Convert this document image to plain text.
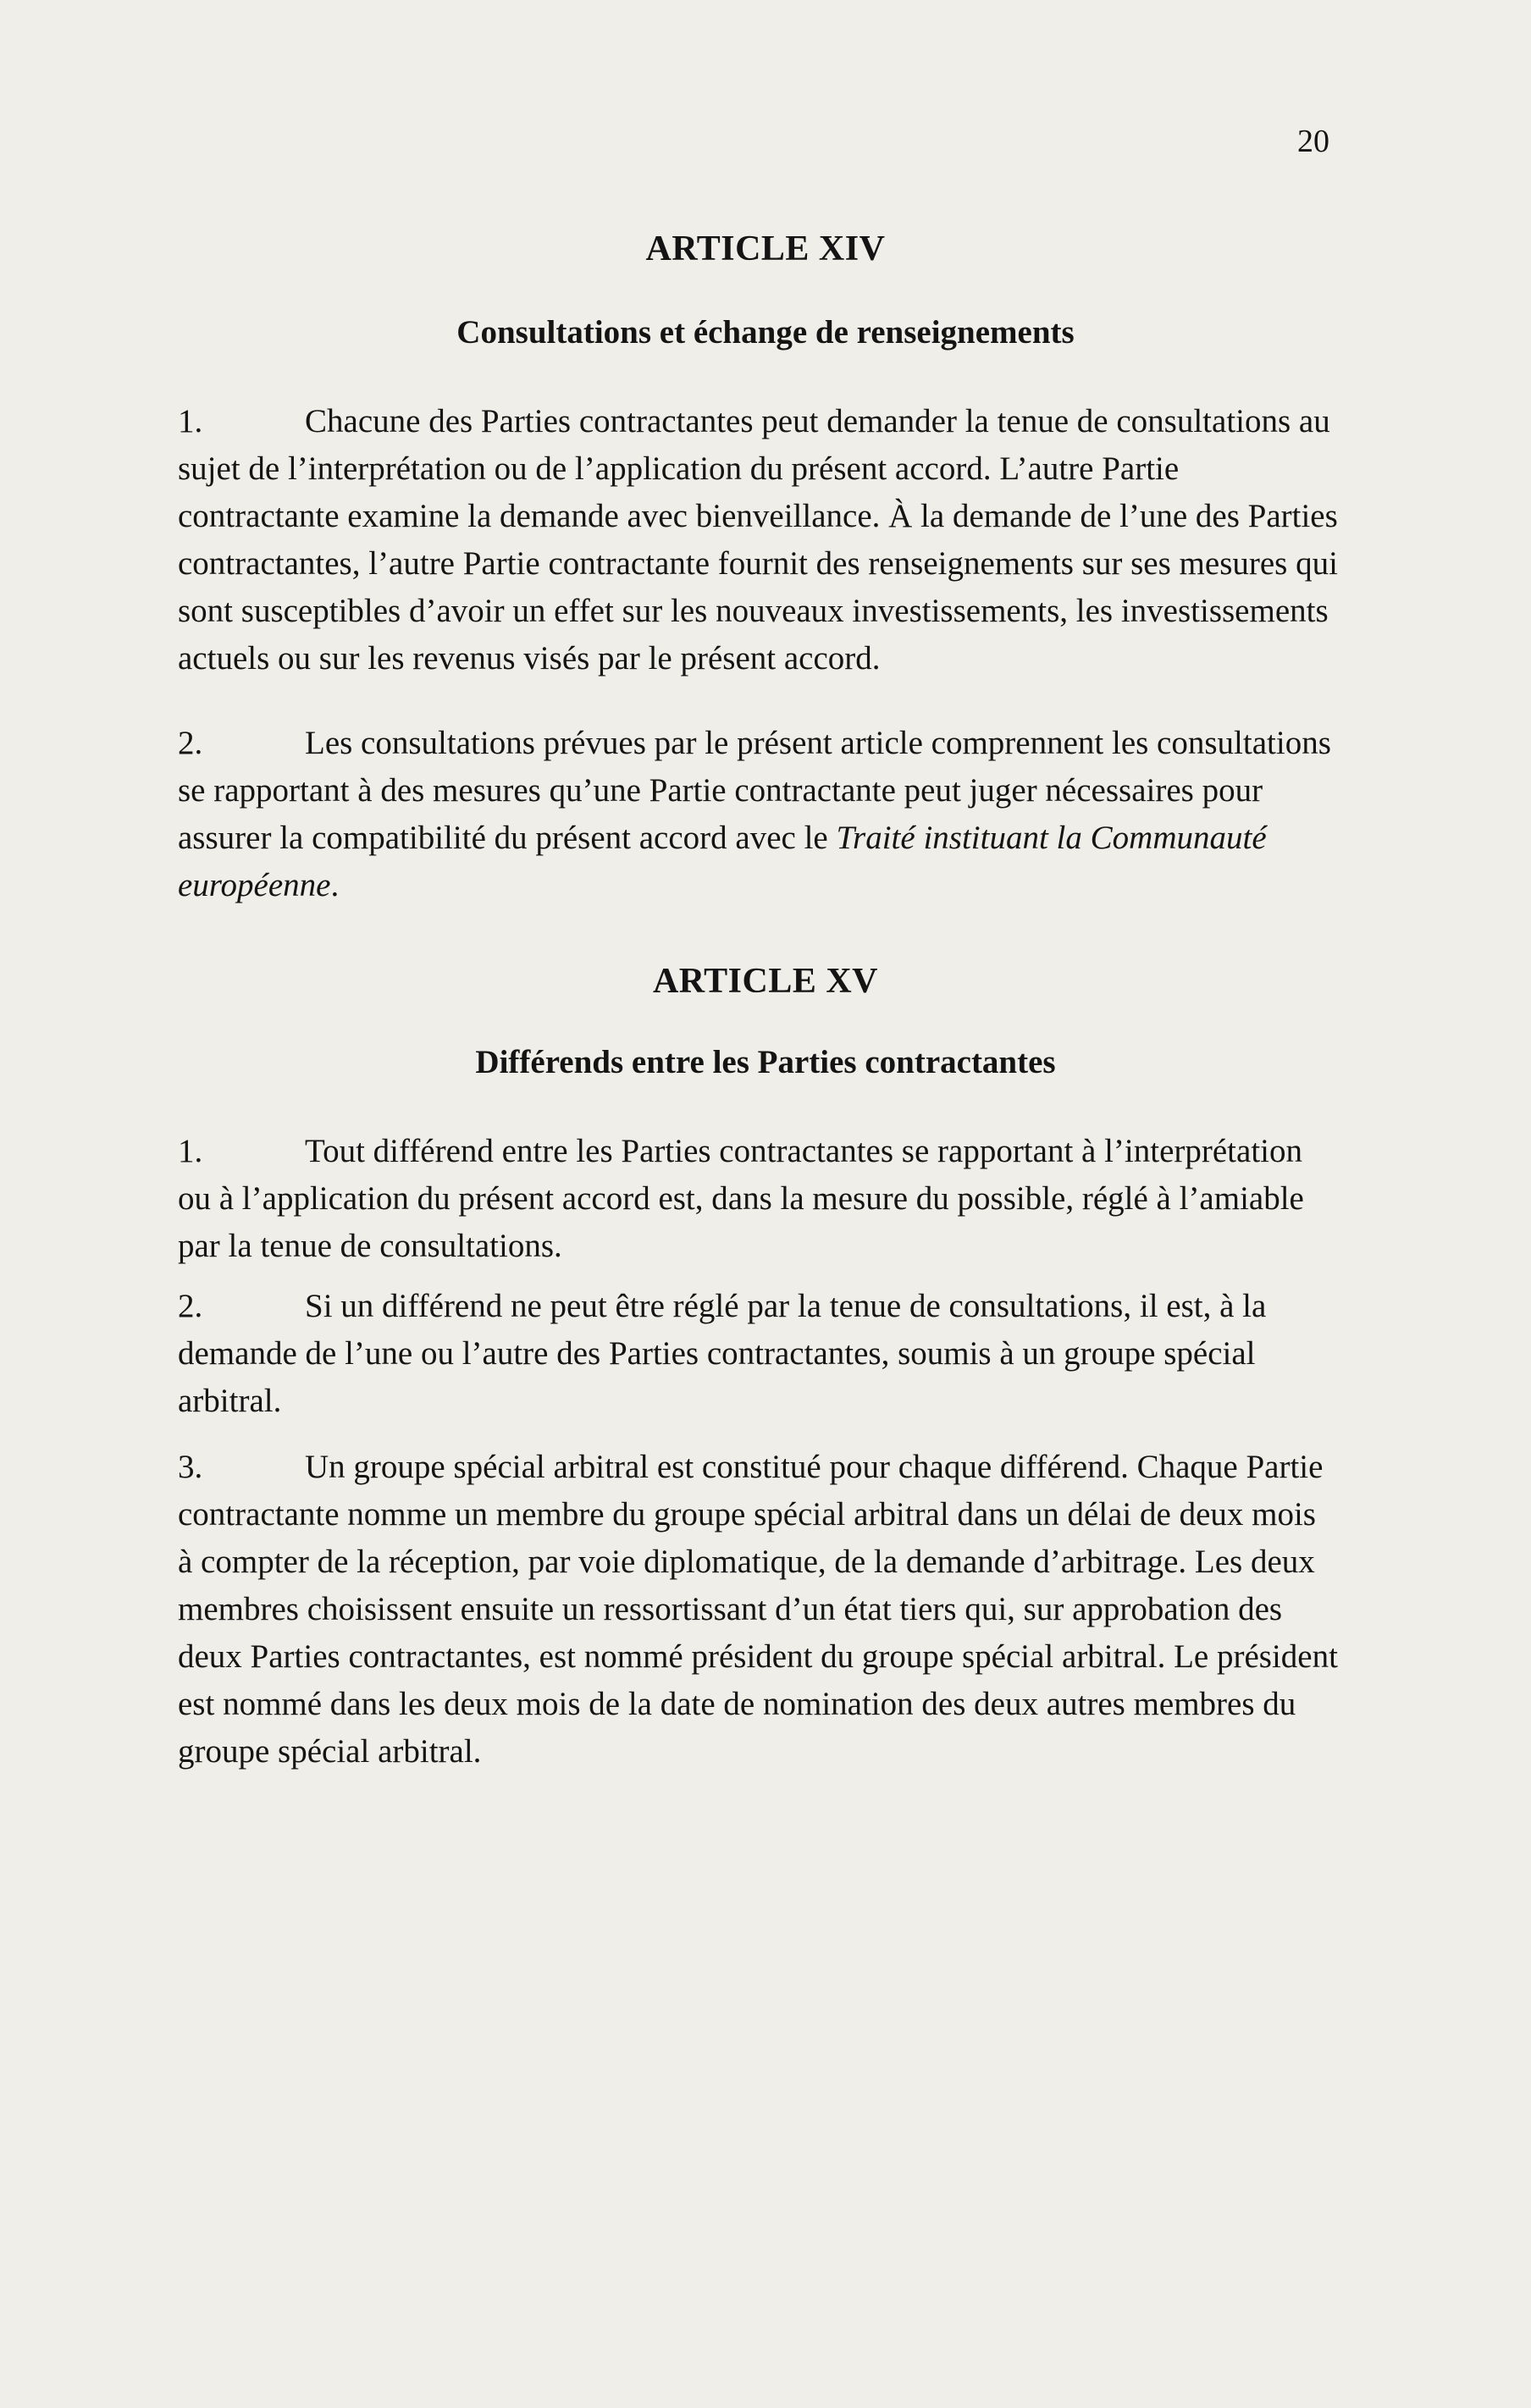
20
ARTICLE XIV
Consultations et échange de renseignements

1.	Chacune des Parties contractantes peut demander la tenue de consultations au sujet de l’interprétation ou de l’application du présent accord. L’autre Partie contractante examine la demande avec bienveillance. À la demande de l’une des Parties contractantes, l’autre Partie contractante fournit des renseignements sur ses mesures qui sont susceptibles d’avoir un effet sur les nouveaux investissements, les investissements actuels ou sur les revenus visés par le présent accord.

2.	Les consultations prévues par le présent article comprennent les consultations se rapportant à des mesures qu’une Partie contractante peut juger nécessaires pour assurer la compatibilité du présent accord avec le Traité instituant la Communauté européenne.

ARTICLE XV
Différends entre les Parties contractantes

1.	Tout différend entre les Parties contractantes se rapportant à l’interprétation ou à l’application du présent accord est, dans la mesure du possible, réglé à l’amiable par la tenue de consultations.

2.	Si un différend ne peut être réglé par la tenue de consultations, il est, à la demande de l’une ou l’autre des Parties contractantes, soumis à un groupe spécial arbitral.

3.	Un groupe spécial arbitral est constitué pour chaque différend. Chaque Partie contractante nomme un membre du groupe spécial arbitral dans un délai de deux mois à compter de la réception, par voie diplomatique, de la demande d’arbitrage. Les deux membres choisissent ensuite un ressortissant d’un état tiers qui, sur approbation des deux Parties contractantes, est nommé président du groupe spécial arbitral. Le président est nommé dans les deux mois de la date de nomination des deux autres membres du groupe spécial arbitral.
